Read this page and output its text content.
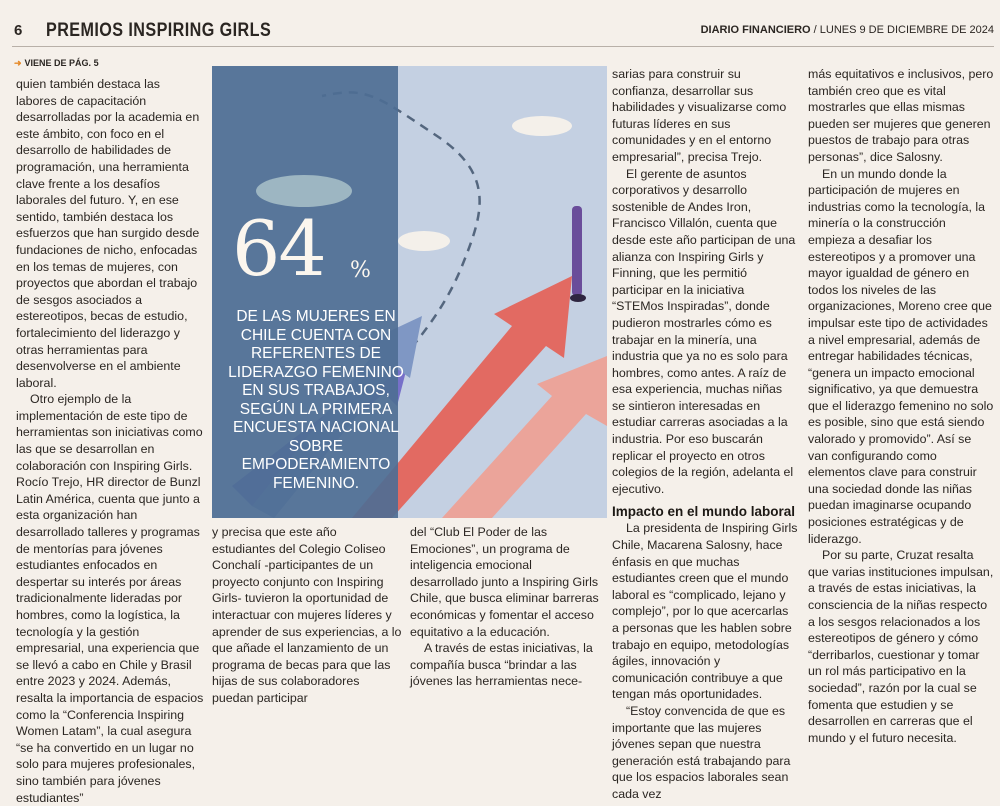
6 PREMIOS INSPIRING GIRLS	DIARIO FINANCIERO / LUNES 9 DE DICIEMBRE DE 2024
➜ VIENE DE PÁG. 5

quien también destaca las labores de capacitación desarrolladas por la academia en este ámbito, con foco en el desarrollo de habilidades de programación, una herramienta clave frente a los desafíos laborales del futuro. Y, en ese sentido, también destaca los esfuerzos que han surgido desde fundaciones de nicho, enfocadas en los temas de mujeres, con proyectos que abordan el trabajo de sesgos asociados a estereotipos, becas de estudio, fortalecimiento del liderazgo y otras herramientas para desenvolverse en el ambiente laboral.

Otro ejemplo de la implementación de este tipo de herramientas son iniciativas como las que se desarrollan en colaboración con Inspiring Girls. Rocío Trejo, HR director de Bunzl Latin América, cuenta que junto a esta organización han desarrollado talleres y programas de mentorías para jóvenes estudiantes enfocados en despertar su interés por áreas tradicionalmente lideradas por hombres, como la logística, la tecnología y la gestión empresarial, una experiencia que se llevó a cabo en Chile y Brasil entre 2023 y 2024. Además, resalta la importancia de espacios como la “Conferencia Inspiring Women Latam”, la cual asegura “se ha convertido en un lugar no solo para mujeres profesionales, sino también para jóvenes estudiantes”

64 %
DE LAS MUJERES EN CHILE CUENTA CON REFERENTES DE LIDERAZGO FEMENINO EN SUS TRABAJOS, SEGÚN LA PRIMERA ENCUESTA NACIONAL SOBRE EMPODERAMIENTO FEMENINO.

y precisa que este año estudiantes del Colegio Coliseo Conchalí -participantes de un proyecto conjunto con Inspiring Girls- tuvieron la oportunidad de interactuar con mujeres líderes y aprender de sus experiencias, a lo que añade el lanzamiento de un programa de becas para que las hijas de sus colaboradores puedan participar

del “Club El Poder de las Emociones”, un programa de inteligencia emocional desarrollado junto a Inspiring Girls Chile, que busca eliminar barreras económicas y fomentar el acceso equitativo a la educación.

A través de estas iniciativas, la compañía busca “brindar a las jóvenes las herramientas nece-

sarias para construir su confianza, desarrollar sus habilidades y visualizarse como futuras líderes en sus comunidades y en el entorno empresarial”, precisa Trejo.

El gerente de asuntos corporativos y desarrollo sostenible de Andes Iron, Francisco Villalón, cuenta que desde este año participan de una alianza con Inspiring Girls y Finning, que les permitió participar en la iniciativa “STEMos Inspiradas”, donde pudieron mostrarles cómo es trabajar en la minería, una industria que ya no es solo para hombres, como antes. A raíz de esa experiencia, muchas niñas se sintieron interesadas en estudiar carreras asociadas a la industria. Por eso buscarán replicar el proyecto en otros colegios de la región, adelanta el ejecutivo.

Impacto en el mundo laboral

La presidenta de Inspiring Girls Chile, Macarena Salosny, hace énfasis en que muchas estudiantes creen que el mundo laboral es “complicado, lejano y complejo”, por lo que acercarlas a personas que les hablen sobre trabajo en equipo, metodologías ágiles, innovación y comunicación contribuye a que tengan más oportunidades.

“Estoy convencida de que es importante que las mujeres jóvenes sepan que nuestra generación está trabajando para que los espacios laborales sean cada vez

más equitativos e inclusivos, pero también creo que es vital mostrarles que ellas mismas pueden ser mujeres que generen puestos de trabajo para otras personas”, dice Salosny.

En un mundo donde la participación de mujeres en industrias como la tecnología, la minería o la construcción empieza a desafiar los estereotipos y a promover una mayor igualdad de género en todos los niveles de las organizaciones, Moreno cree que impulsar este tipo de actividades a nivel empresarial, además de entregar habilidades técnicas, “genera un impacto emocional significativo, ya que demuestra que el liderazgo femenino no solo es posible, sino que está siendo valorado y promovido”. Así se van configurando como elementos clave para construir una sociedad donde las niñas puedan imaginarse ocupando posiciones estratégicas y de liderazgo.

Por su parte, Cruzat resalta que varias instituciones impulsan, a través de estas iniciativas, la consciencia de la niñas respecto a los sesgos relacionados a los estereotipos de género y cómo “derribarlos, cuestionar y tomar un rol más participativo en la sociedad”, razón por la cual se fomenta que estudien y se desarrollen en carreras que el mundo y el futuro necesita.
